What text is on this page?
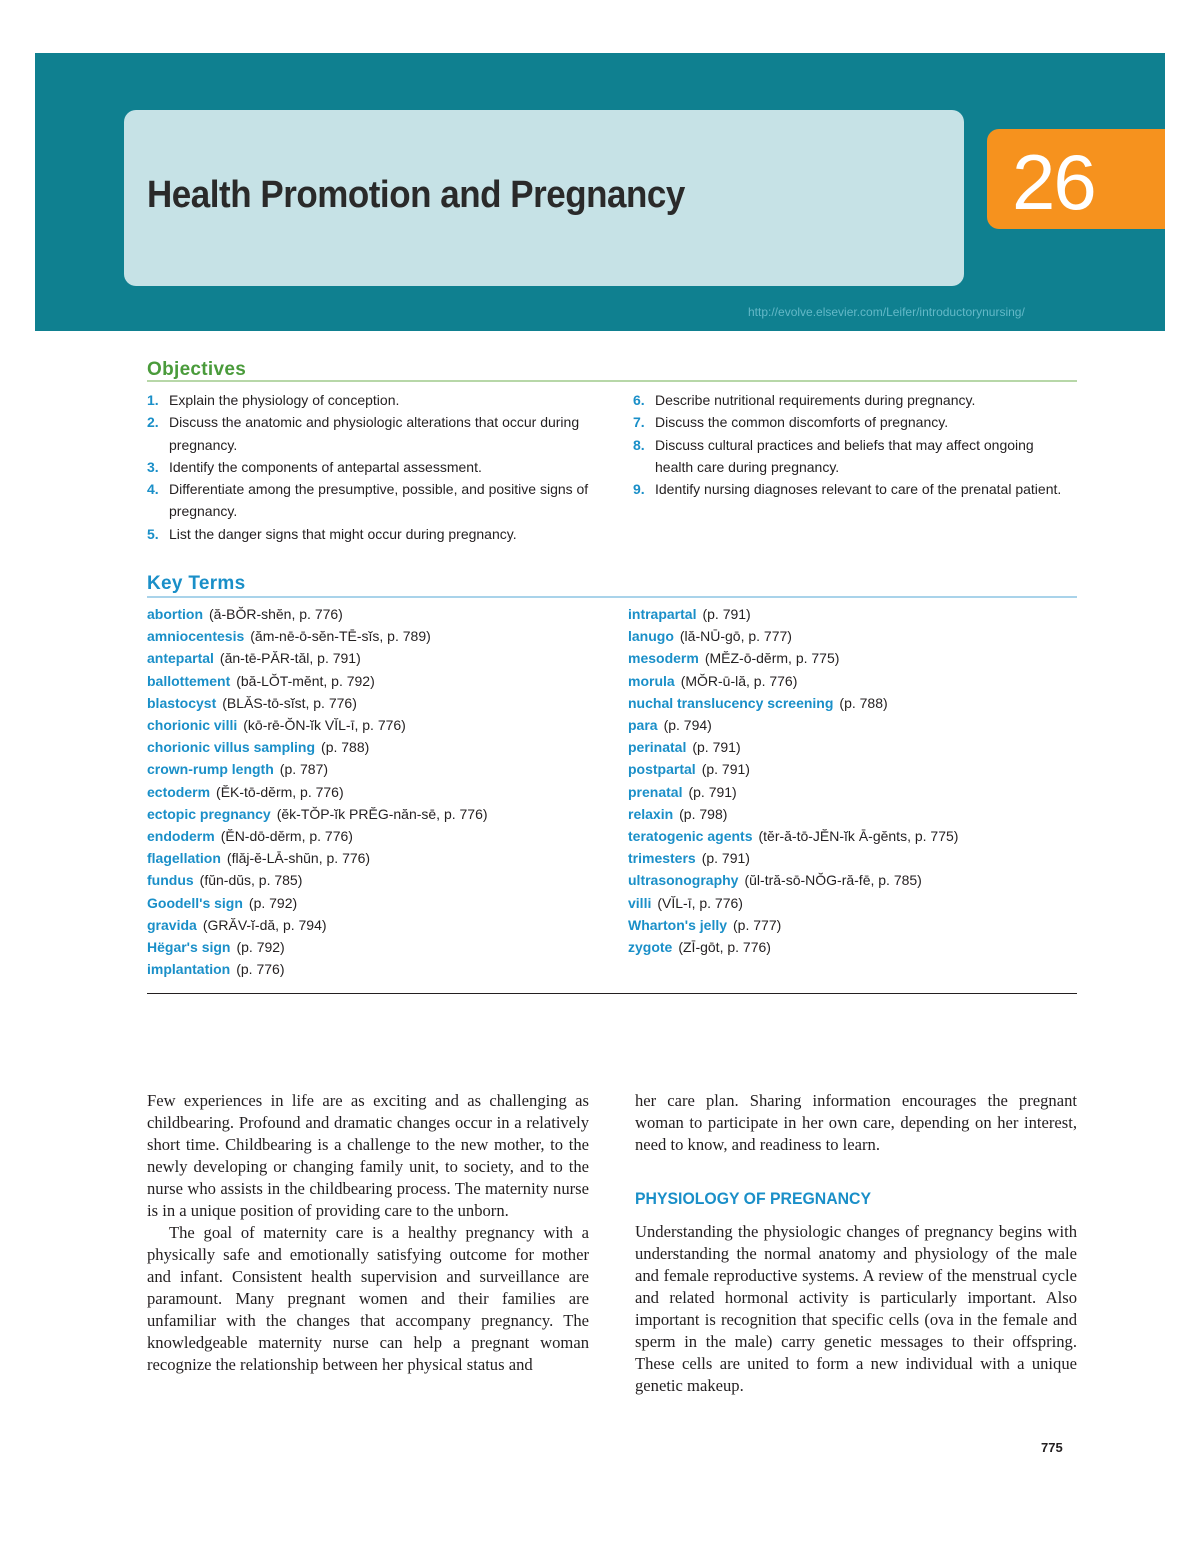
Health Promotion and Pregnancy	26
http://evolve.elsevier.com/Leifer/introductorynursing/
Objectives
1. Explain the physiology of conception.
2. Discuss the anatomic and physiologic alterations that occur during pregnancy.
3. Identify the components of antepartal assessment.
4. Differentiate among the presumptive, possible, and positive signs of pregnancy.
5. List the danger signs that might occur during pregnancy.
6. Describe nutritional requirements during pregnancy.
7. Discuss the common discomforts of pregnancy.
8. Discuss cultural practices and beliefs that may affect ongoing health care during pregnancy.
9. Identify nursing diagnoses relevant to care of the prenatal patient.
Key Terms
abortion (ă-BŎR-shĕn, p. 776)
amniocentesis (ăm-nē-ō-sĕn-TĒ-sĭs, p. 789)
antepartal (ăn-tē-PĂR-tăl, p. 791)
ballottement (bă-LŎT-mĕnt, p. 792)
blastocyst (BLĂS-tō-sĭst, p. 776)
chorionic villi (kō-rē-ŎN-ĭk VĬL-ī, p. 776)
chorionic villus sampling (p. 788)
crown-rump length (p. 787)
ectoderm (ĔK-tō-dĕrm, p. 776)
ectopic pregnancy (ĕk-TŎP-ĭk PRĔG-năn-sē, p. 776)
endoderm (ĔN-dō-dĕrm, p. 776)
flagellation (flăj-ĕ-LĀ-shŭn, p. 776)
fundus (fŭn-dŭs, p. 785)
Goodell's sign (p. 792)
gravida (GRĂV-ĭ-dă, p. 794)
Hëgar's sign (p. 792)
implantation (p. 776)
intrapartal (p. 791)
lanugo (lă-NŪ-gō, p. 777)
mesoderm (MĔZ-ō-dĕrm, p. 775)
morula (MŎR-ū-lă, p. 776)
nuchal translucency screening (p. 788)
para (p. 794)
perinatal (p. 791)
postpartal (p. 791)
prenatal (p. 791)
relaxin (p. 798)
teratogenic agents (tĕr-ă-tō-JĔN-ĭk Ā-gĕnts, p. 775)
trimesters (p. 791)
ultrasonography (ŭl-tră-sō-NŎG-ră-fē, p. 785)
villi (VĬL-ī, p. 776)
Wharton's jelly (p. 777)
zygote (ZĪ-gōt, p. 776)

Few experiences in life are as exciting and as challenging as childbearing. Profound and dramatic changes occur in a relatively short time. Childbearing is a challenge to the new mother, to the newly developing or changing family unit, to society, and to the nurse who assists in the childbearing process. The maternity nurse is in a unique position of providing care to the unborn.

The goal of maternity care is a healthy pregnancy with a physically safe and emotionally satisfying outcome for mother and infant. Consistent health supervision and surveillance are paramount. Many pregnant women and their families are unfamiliar with the changes that accompany pregnancy. The knowledgeable maternity nurse can help a pregnant woman recognize the relationship between her physical status and

her care plan. Sharing information encourages the pregnant woman to participate in her own care, depending on her interest, need to know, and readiness to learn.

PHYSIOLOGY OF PREGNANCY

Understanding the physiologic changes of pregnancy begins with understanding the normal anatomy and physiology of the male and female reproductive systems. A review of the menstrual cycle and related hormonal activity is particularly important. Also important is recognition that specific cells (ova in the female and sperm in the male) carry genetic messages to their offspring. These cells are united to form a new individual with a unique genetic makeup.

775
